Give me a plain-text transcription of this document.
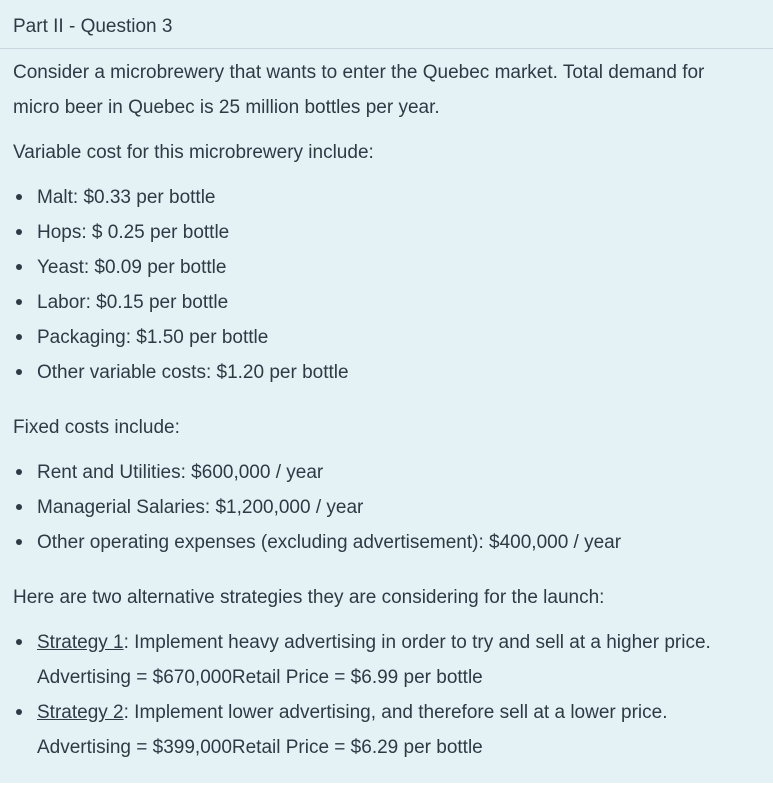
Part II - Question 3
Consider a microbrewery that wants to enter the Quebec market. Total demand for
micro beer in Quebec is 25 million bottles per year.
Variable cost for this microbrewery include:
Malt: $0.33 per bottle
Hops: $ 0.25 per bottle
Yeast: $0.09 per bottle
Labor: $0.15 per bottle
Packaging: $1.50 per bottle
Other variable costs: $1.20 per bottle
Fixed costs include:
Rent and Utilities: $600,000 / year
Managerial Salaries: $1,200,000 / year
Other operating expenses (excluding advertisement): $400,000 / year
Here are two alternative strategies they are considering for the launch:
Strategy 1: Implement heavy advertising in order to try and sell at a higher price.
Advertising = $670,000Retail Price = $6.99 per bottle
Strategy 2: Implement lower advertising, and therefore sell at a lower price.
Advertising = $399,000Retail Price = $6.29 per bottle
